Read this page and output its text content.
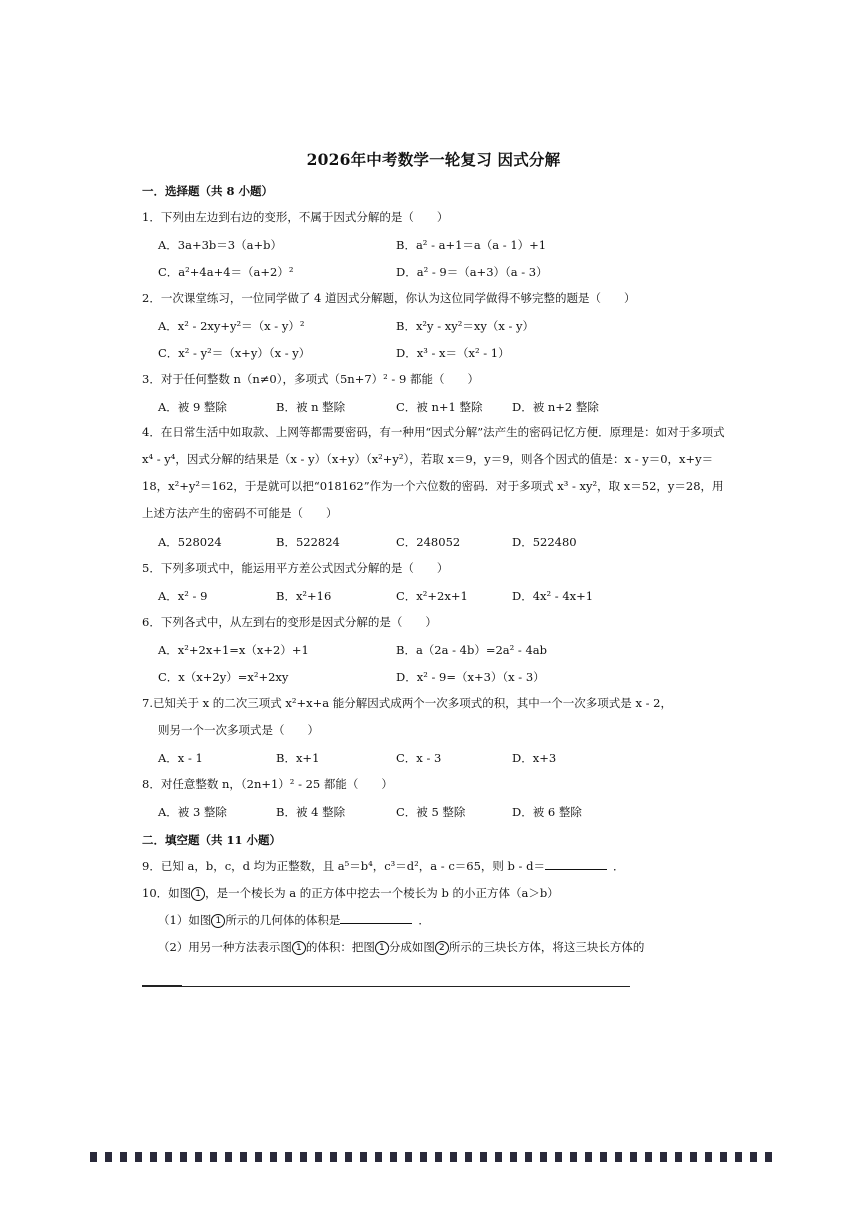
2026年中考数学一轮复习 因式分解
一．选择题（共 8 小题）
1．下列由左边到右边的变形，不属于因式分解的是（　　）
A．3a+3b＝3（a+b）	B．a² - a+1＝a（a - 1）+1
C．a²+4a+4＝（a+2）²	D．a² - 9＝（a+3）（a - 3）
2．一次课堂练习，一位同学做了 4 道因式分解题，你认为这位同学做得不够完整的题是（　　）
A．x² - 2xy+y²＝（x - y）²	B．x²y - xy²＝xy（x - y）
C．x² - y²＝（x+y）（x - y）	D．x³ - x＝（x² - 1）
3．对于任何整数 n（n≠0），多项式（5n+7）² - 9 都能（　　）
A．被 9 整除	B．被 n 整除	C．被 n+1 整除	D．被 n+2 整除
4．在日常生活中如取款、上网等都需要密码，有一种用“因式分解”法产生的密码记忆方便．原理是：如对于多项式 x⁴ - y⁴，因式分解的结果是（x - y）（x+y）（x²+y²），若取 x＝9，y＝9，则各个因式的值是：x - y＝0，x+y＝18，x²+y²＝162，于是就可以把“018162”作为一个六位数的密码．对于多项式 x³ - xy²，取 x＝52，y＝28，用上述方法产生的密码不可能是（　　）
A．528024	B．522824	C．248052	D．522480
5．下列多项式中，能运用平方差公式因式分解的是（　　）
A．x² - 9	B．x²+16	C．x²+2x+1	D．4x² - 4x+1
6．下列各式中，从左到右的变形是因式分解的是（　　）
A．x²+2x+1=x（x+2）+1	B．a（2a - 4b）=2a² - 4ab
C．x（x+2y）=x²+2xy	D．x² - 9=（x+3）（x - 3）
7.已知关于 x 的二次三项式 x²+x+a 能分解因式成两个一次多项式的积，其中一个一次多项式是 x - 2，
则另一个一次多项式是（　　）
A．x - 1	B．x+1	C．x - 3	D．x+3
8．对任意整数 n，（2n+1）² - 25 都能（　　）
A．被 3 整除	B．被 4 整除	C．被 5 整除	D．被 6 整除
二．填空题（共 11 小题）
9．已知 a，b，c，d 均为正整数，且 a⁵＝b⁴，c³＝d²，a - c＝65，则 b - d＝	．
10．如图 1 ，是一个棱长为 a 的正方体中挖去一个棱长为 b 的小正方体（a＞b）
（1）如图 1 所示的几何体的体积是	．
（2）用另一种方法表示图 1 的体积：把图 1 分成如图 2 所示的三块长方体，将这三块长方体的
